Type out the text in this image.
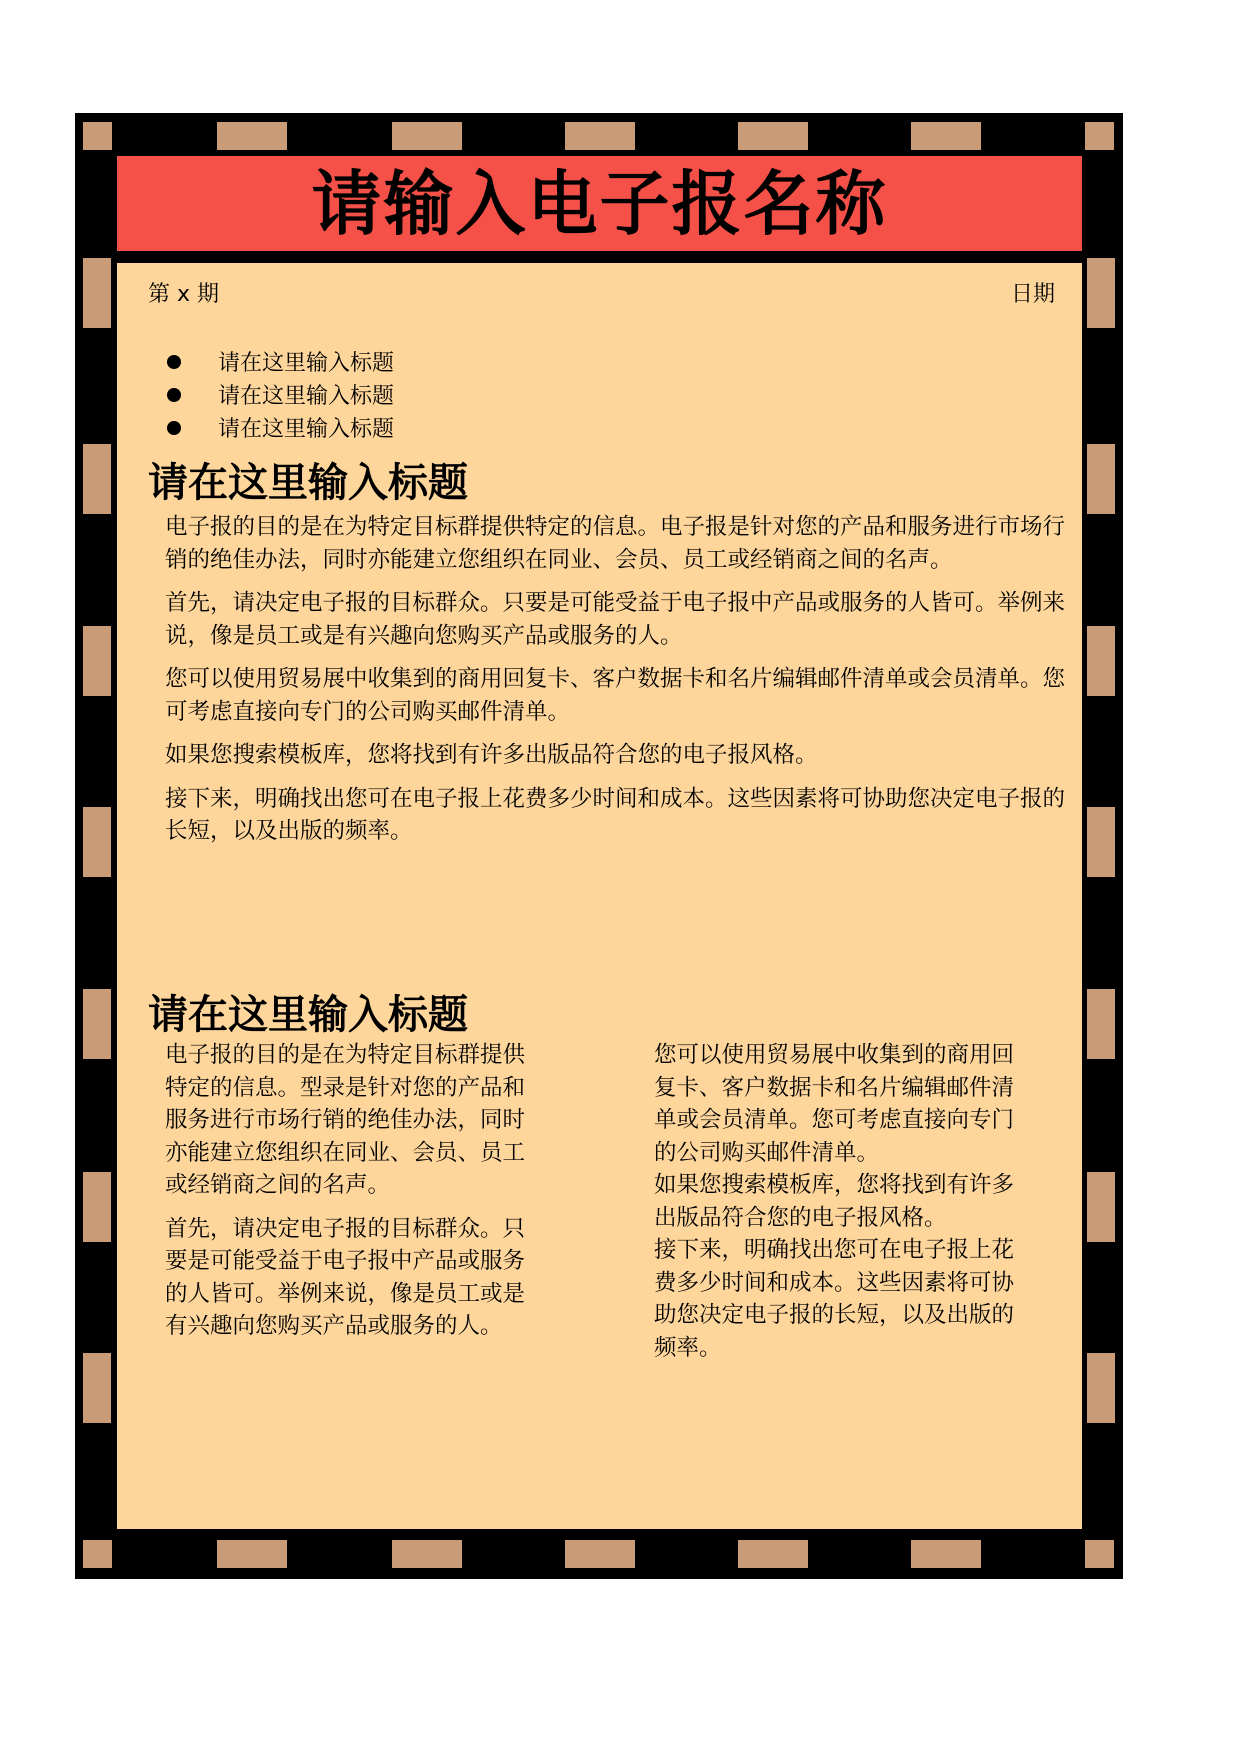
请输入电子报名称
第 x 期	日期
请在这里输入标题
请在这里输入标题
请在这里输入标题
请在这里输入标题

电子报的目的是在为特定目标群提供特定的信息。电子报是针对您的产品和服务进行市场行销的绝佳办法，同时亦能建立您组织在同业、会员、员工或经销商之间的名声。

首先，请决定电子报的目标群众。只要是可能受益于电子报中产品或服务的人皆可。举例来说，像是员工或是有兴趣向您购买产品或服务的人。

您可以使用贸易展中收集到的商用回复卡、客户数据卡和名片编辑邮件清单或会员清单。您可考虑直接向专门的公司购买邮件清单。

如果您搜索模板库，您将找到有许多出版品符合您的电子报风格。

接下来，明确找出您可在电子报上花费多少时间和成本。这些因素将可协助您决定电子报的长短，以及出版的频率。

请在这里输入标题

电子报的目的是在为特定目标群提供特定的信息。型录是针对您的产品和服务进行市场行销的绝佳办法，同时亦能建立您组织在同业、会员、员工或经销商之间的名声。

首先，请决定电子报的目标群众。只要是可能受益于电子报中产品或服务的人皆可。举例来说，像是员工或是有兴趣向您购买产品或服务的人。

您可以使用贸易展中收集到的商用回复卡、客户数据卡和名片编辑邮件清单或会员清单。您可考虑直接向专门的公司购买邮件清单。

如果您搜索模板库，您将找到有许多出版品符合您的电子报风格。

接下来，明确找出您可在电子报上花费多少时间和成本。这些因素将可协助您决定电子报的长短，以及出版的频率。
